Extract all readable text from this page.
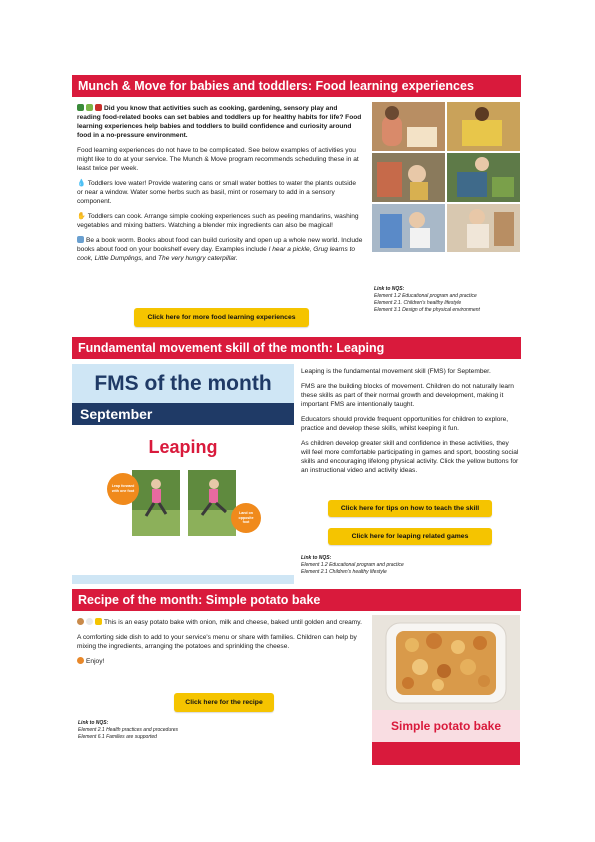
Munch & Move for babies and toddlers: Food learning experiences

Did you know that activities such as cooking, gardening, sensory play and reading food-related books can set babies and toddlers up for healthy habits for life? Food learning experiences help babies and toddlers to build confidence and curiosity around food in a no-pressure environment.

Food learning experiences do not have to be complicated. See below examples of activities you might like to do at your service. The Munch & Move program recommends scheduling these in at least twice per week.

💧 Toddlers love water! Provide watering cans or small water bottles to water the plants outside or near a window. Water some herbs such as basil, mint or rosemary to add in a sensory component.

✋ Toddlers can cook. Arrange simple cooking experiences such as peeling mandarins, washing vegetables and mixing batters. Watching a blender mix ingredients can also be magical!

Be a book worm. Books about food can build curiosity and open up a whole new world. Include books about food on your bookshelf every day. Examples include I hear a pickle, Grug learns to cook, Little Dumplings, and The very hungry caterpillar.

Click here for more food learning experiences
Link to NQS:
Element 1.2 Educational program and practice
Element 2.1. Children's healthy lifestyle
Element 3.1 Design of the physical environment
Fundamental movement skill of the month: Leaping
FMS of the month
September
Leaping
Leap forward with one foot
Land on opposite foot

Leaping is the fundamental movement skill (FMS) for September.

FMS are the building blocks of movement. Children do not naturally learn these skills as part of their normal growth and development, making it important FMS are intentionally taught.

Educators should provide frequent opportunities for children to explore, practice and develop these skills, whilst keeping it fun.

As children develop greater skill and confidence in these activities, they will feel more comfortable participating in games and sport, boosting social skills and encouraging lifelong physical activity. Click the yellow buttons for an instructional video and activity ideas.

Click here for tips on how to teach the skill
Click here for leaping related games
Link to NQS:
Element 1.2 Educational program and practice
Element 2.1 Children's healthy lifestyle
Recipe of the month: Simple potato bake

This is an easy potato bake with onion, milk and cheese, baked until golden and creamy.

A comforting side dish to add to your service's menu or share with families. Children can help by mixing the ingredients, arranging the potatoes and sprinkling the cheese.

Enjoy!

Click here for the recipe
Link to NQS:
Element 2.1 Health practices and procedures
Element 6.1 Families are supported
Simple potato bake
